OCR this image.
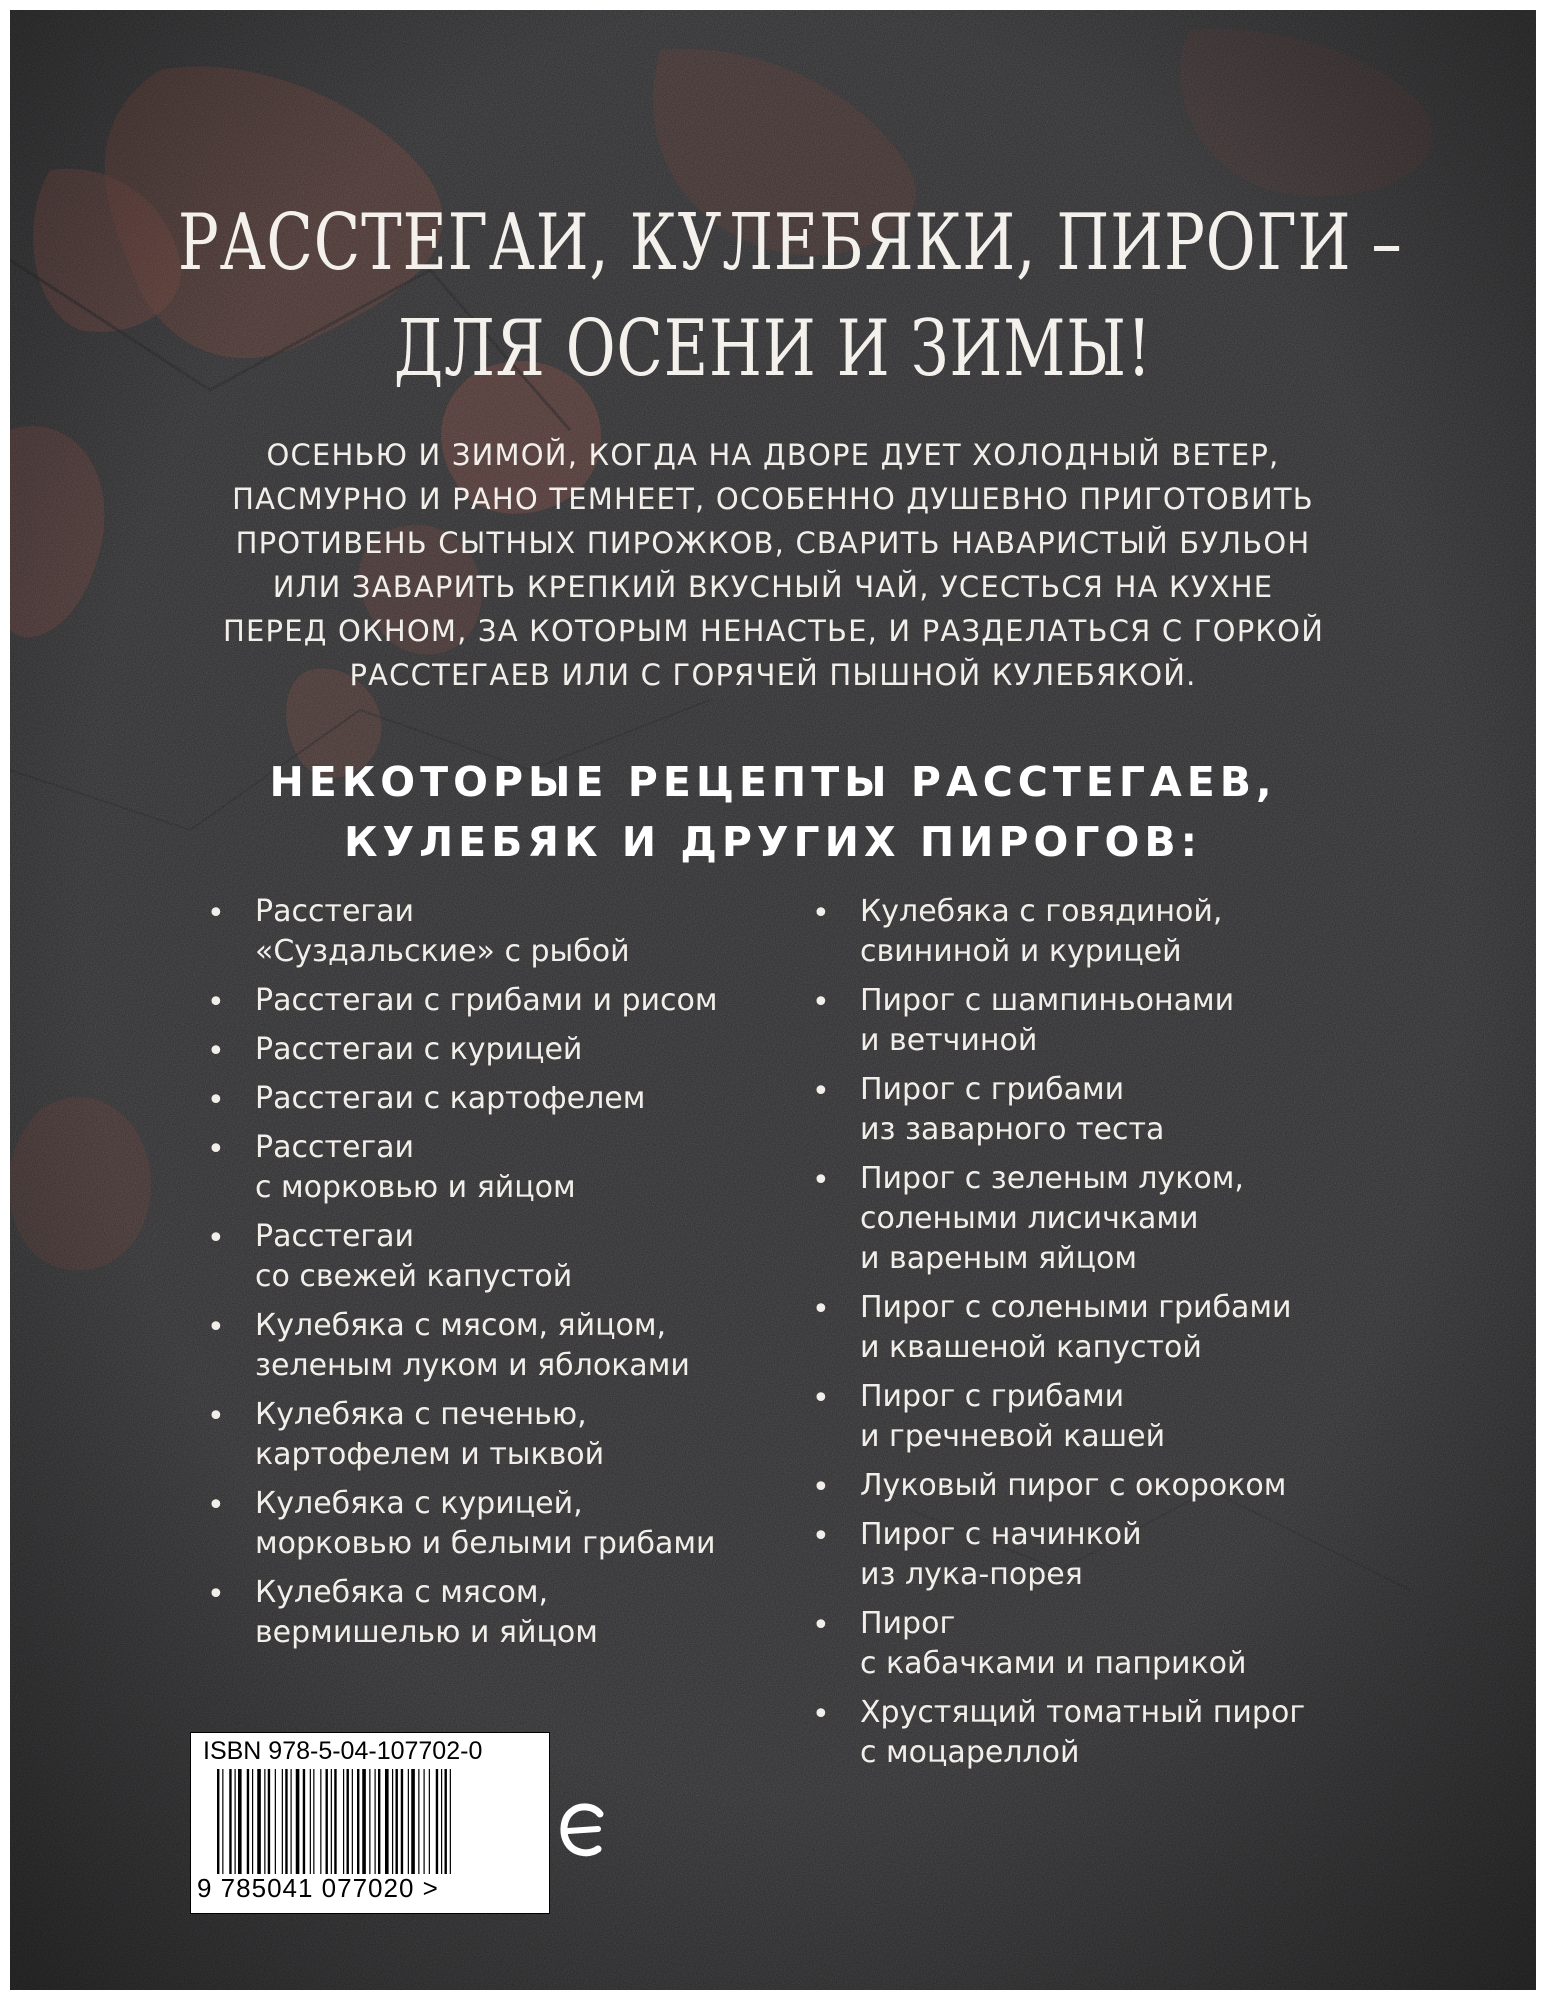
РАССТЕГАИ, КУЛЕБЯКИ, ПИРОГИ –
ДЛЯ ОСЕНИ И ЗИМЫ!
ОСЕНЬЮ И ЗИМОЙ, КОГДА НА ДВОРЕ ДУЕТ ХОЛОДНЫЙ ВЕТЕР,
ПАСМУРНО И РАНО ТЕМНЕЕТ, ОСОБЕННО ДУШЕВНО ПРИГОТОВИТЬ
ПРОТИВЕНЬ СЫТНЫХ ПИРОЖКОВ, СВАРИТЬ НАВАРИСТЫЙ БУЛЬОН
ИЛИ ЗАВАРИТЬ КРЕПКИЙ ВКУСНЫЙ ЧАЙ, УСЕСТЬСЯ НА КУХНЕ
ПЕРЕД ОКНОМ, ЗА КОТОРЫМ НЕНАСТЬЕ, И РАЗДЕЛАТЬСЯ С ГОРКОЙ
РАССТЕГАЕВ ИЛИ С ГОРЯЧЕЙ ПЫШНОЙ КУЛЕБЯКОЙ.
НЕКОТОРЫЕ РЕЦЕПТЫ РАССТЕГАЕВ,
КУЛЕБЯК И ДРУГИХ ПИРОГОВ:
• Расстегаи
«Суздальские» с рыбой
• Расстегаи с грибами и рисом
• Расстегаи с курицей
• Расстегаи с картофелем
• Расстегаи
с морковью и яйцом
• Расстегаи
со свежей капустой
• Кулебяка с мясом, яйцом,
зеленым луком и яблоками
• Кулебяка с печенью,
картофелем и тыквой
• Кулебяка с курицей,
морковью и белыми грибами
• Кулебяка с мясом,
вермишелью и яйцом
• Кулебяка с говядиной,
свининой и курицей
• Пирог с шампиньонами
и ветчиной
• Пирог с грибами
из заварного теста
• Пирог с зеленым луком,
солеными лисичками
и вареным яйцом
• Пирог с солеными грибами
и квашеной капустой
• Пирог с грибами
и гречневой кашей
• Луковый пирог с окороком
• Пирог с начинкой
из лука-порея
• Пирог
с кабачками и паприкой
• Хрустящий томатный пирог
с моцареллой
ISBN 978-5-04-107702-0
9 785041 077020 >
